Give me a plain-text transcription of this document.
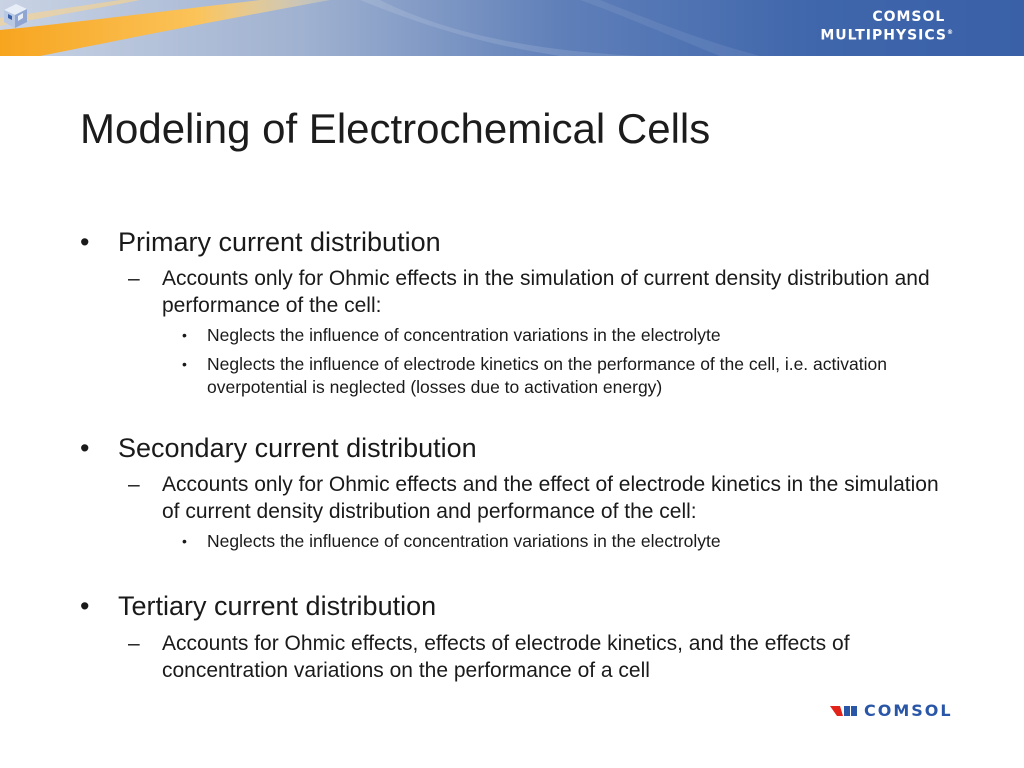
COMSOL
MULTIPHYSICS®
Modeling of Electrochemical Cells
• Primary current distribution
– Accounts only for Ohmic effects in the simulation of current density distribution and performance of the cell:
• Neglects the influence of concentration variations in the electrolyte
• Neglects the influence of electrode kinetics on the performance of the cell, i.e. activation overpotential is neglected (losses due to activation energy)
• Secondary current distribution
– Accounts only for Ohmic effects and the effect of electrode kinetics in the simulation of current density distribution and performance of the cell:
• Neglects the influence of concentration variations in the electrolyte
• Tertiary current distribution
– Accounts for Ohmic effects, effects of electrode kinetics, and the effects of concentration variations on the performance of a cell
COMSOL
